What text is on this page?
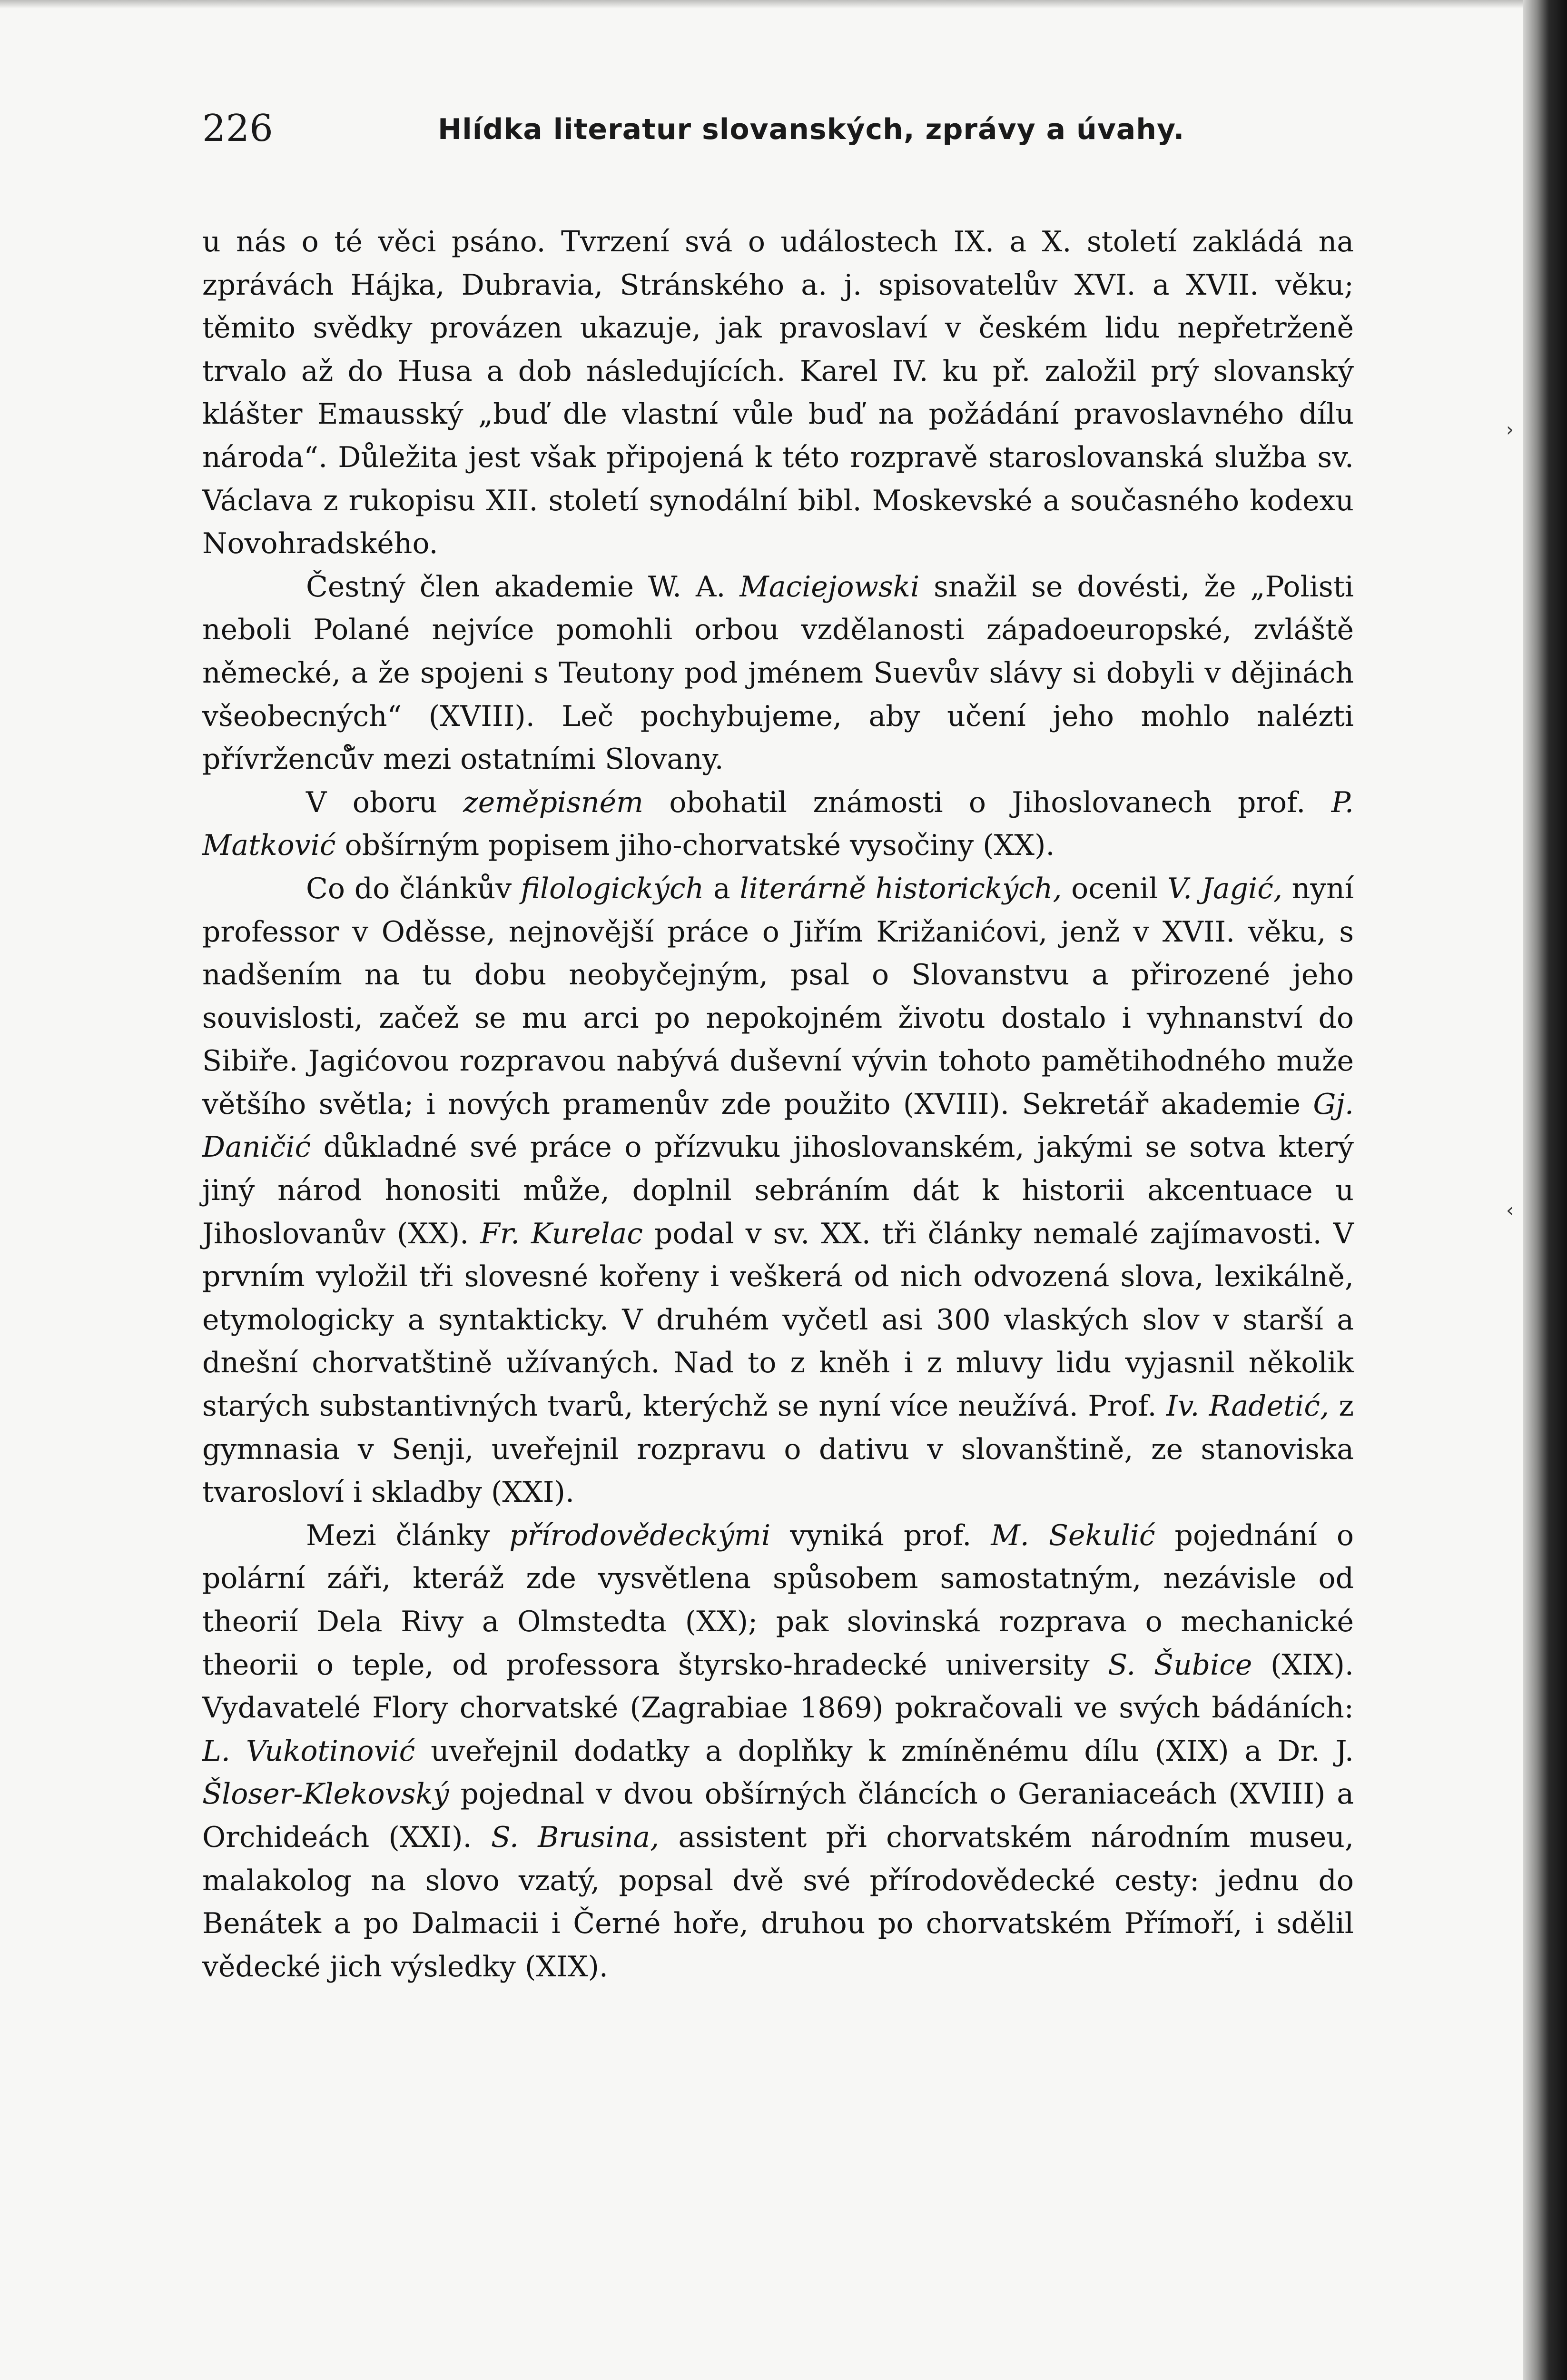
›
‹
226	Hlídka literatur slovanských, zprávy a úvahy.

u nás o té věci psáno. Tvrzení svá o událostech IX. a X. století zakládá na zprávách Hájka, Dubravia, Stránského a. j. spisovatelův XVI. a XVII. věku; těmito svědky provázen ukazuje, jak pravoslaví v českém lidu nepřetrženě trvalo až do Husa a dob následujících. Karel IV. ku př. založil prý slovanský klášter Emausský „buď dle vlastní vůle buď na požádání pravoslavného dílu národa“. Důležita jest však připojená k této rozpravě staroslovanská služba sv. Václava z rukopisu XII. století synodální bibl. Moskevské a současného kodexu Novohradského.

Čestný člen akademie W. A. Maciejowski snažil se dovésti, že „Polisti neboli Polané nejvíce pomohli orbou vzdělanosti západoeuropské, zvláště německé, a že spojeni s Teutony pod jménem Suevův slávy si dobyli v dějinách všeobecných“ (XVIII). Leč pochybujeme, aby učení jeho mohlo nalézti přívrženců̆v mezi ostatními Slovany.

V oboru zeměpisném obohatil známosti o Jihoslovanech prof. P. Matković obšírným popisem jiho-chorvatské vysočiny (XX).

Co do článkův filologických a literárně historických, ocenil V. Jagić, nyní professor v Oděsse, nejnovější práce o Jiřím Križanićovi, jenž v XVII. věku, s nadšením na tu dobu neobyčejným, psal o Slovanstvu a přirozené jeho souvislosti, začež se mu arci po nepokojném životu dostalo i vyhnanství do Sibiře. Jagićovou rozpravou nabývá duševní vývin tohoto pamětihodného muže většího světla; i nových pramenův zde použito (XVIII). Sekretář akademie Gj. Daničić důkladné své práce o přízvuku jihoslovanském, jakými se sotva který jiný národ honositi může, doplnil sebráním dát k historii akcentuace u Jihoslovanův (XX). Fr. Kurelac podal v sv. XX. tři články nemalé zajímavosti. V prvním vyložil tři slovesné kořeny i veškerá od nich odvozená slova, lexikálně, etymologicky a syntakticky. V druhém vyčetl asi 300 vlaských slov v starší a dnešní chorvatštině užívaných. Nad to z kněh i z mluvy lidu vyjasnil několik starých substantivných tvarů, kterýchž se nyní více neužívá. Prof. Iv. Radetić, z gymnasia v Senji, uveřejnil rozpravu o dativu v slovanštině, ze stanoviska tvarosloví i skladby (XXI).

Mezi články přírodovědeckými vyniká prof. M. Sekulić pojednání o polární záři, kteráž zde vysvětlena spůsobem samostatným, nezávisle od theorií Dela Rivy a Olmstedta (XX); pak slovinská rozprava o mechanické theorii o teple, od professora štyrsko-hradecké university S. Šubice (XIX). Vydavatelé Flory chorvatské (Zagrabiae 1869) pokračovali ve svých bádáních: L. Vukotinović uveřejnil dodatky a doplňky k zmíněnému dílu (XIX) a Dr. J. Šloser-Klekovský pojednal v dvou obšírných článcích o Geraniaceách (XVIII) a Orchideách (XXI). S. Brusina, assistent při chorvatském národním museu, malakolog na slovo vzatý, popsal dvě své přírodovědecké cesty: jednu do Benátek a po Dalmacii i Černé hoře, druhou po chorvatském Přímoří, i sdělil vědecké jich výsledky (XIX).
